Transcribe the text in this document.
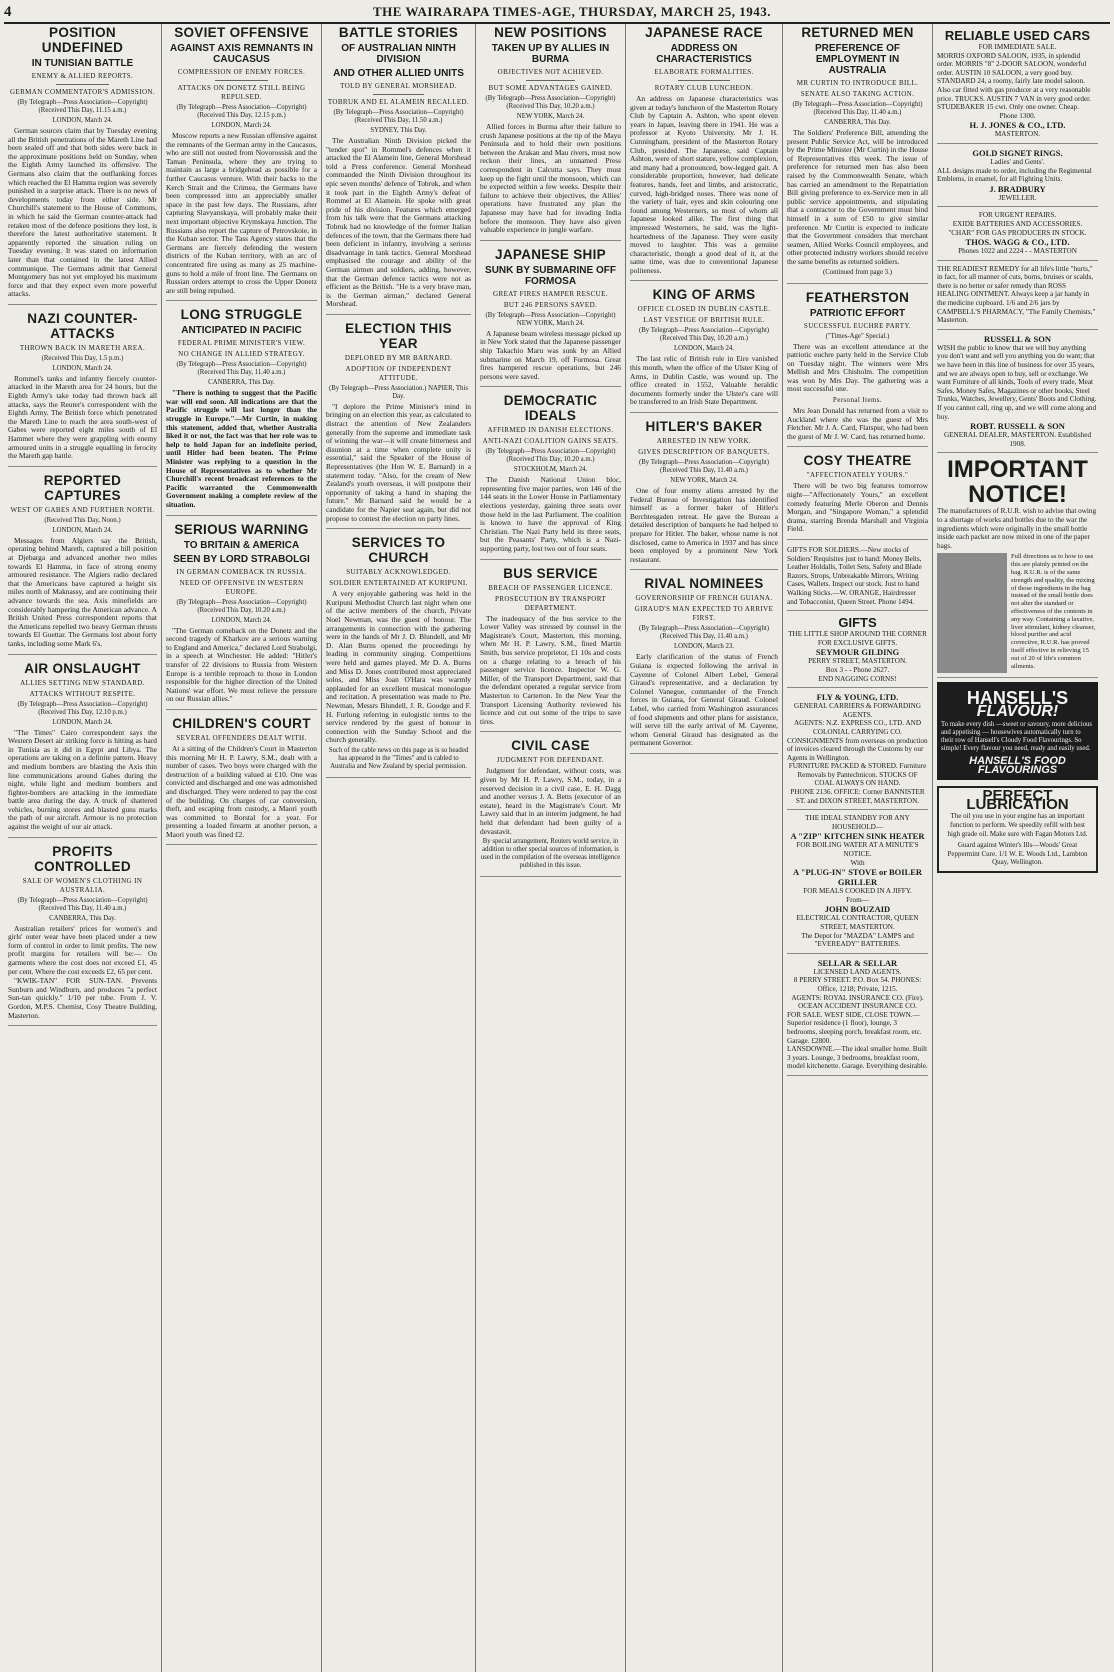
4	THE WAIRARAPA TIMES-AGE, THURSDAY, MARCH 25, 1943.
POSITION UNDEFINED
IN TUNISIAN BATTLE
ENEMY & ALLIED REPORTS.
GERMAN COMMENTATOR'S ADMISSION.
(By Telegraph—Press Association—Copyright) (Received This Day, 11.15 a.m.)
LONDON, March 24.

German sources claim that by Tuesday evening all the British penetrations of the Mareth Line had been sealed off and that both sides were back in the approximate positions held on Sunday, when the Eighth Army launched its offensive. The Germans also claim that the outflanking forces which reached the El Hamma region was severely punished in a surprise attack. There is no news of developments today from either side. Mr Churchill's statement to the House of Commons, in which he said the German counter-attack had retaken most of the defence positions they lost, is therefore the latest authoritative statement. It apparently reported the situation ruling on Tuesday evening. It was stated on information later than that contained in the latest Allied communique. The Germans admit that General Montgomery has not yet employed his maximum force and that they expect even more powerful attacks.

NAZI COUNTER-ATTACKS
THROWN BACK IN MARETH AREA.
(Received This Day, 1.5 p.m.)
LONDON, March 24.

Rommel's tanks and infantry fiercely counter-attacked in the Mareth area for 24 hours, but the Eighth Army's take today had thrown back all attacks, says the Reuter's correspondent with the Eighth Army. The British force which penetrated the Mareth Line to reach the area south-west of Gabes were reported eight miles south of El Hammet where they were grappling with enemy armoured units in a struggle equalling in ferocity the Mareth gap battle.

REPORTED CAPTURES
WEST OF GABES AND FURTHER NORTH.
(Received This Day, Noon.)
LONDON, March 24.

Messages from Algiers say the British, operating behind Mareth, captured a hill position at Djebarga and advanced another two miles towards El Hamma, in face of strong enemy armoured resistance. The Algiers radio declared that the Americans have captured a height six miles north of Maknassy, and are continuing their advance towards the sea. Axis minefields are considerably hampering the American advance. A British United Press correspondent reports that the Americans repelled two heavy German thrusts towards El Guettar. The Germans lost about forty tanks, including some Mark 6's.

AIR ONSLAUGHT
ALLIES SETTING NEW STANDARD.
ATTACKS WITHOUT RESPITE.
(By Telegraph—Press Association—Copyright) (Received This Day, 12.10 p.m.)
LONDON, March 24.

"The Times" Cairo correspondent says the Western Desert air striking force is hitting as hard in Tunisia as it did in Egypt and Libya. The operations are taking on a definite pattern. Heavy and medium bombers are blasting the Axis thin line communications around Gabes during the night, while light and medium bombers and fighter-bombers are attacking in the immediate battle area during the day. A truck of shattered vehicles, burning stores and blasted guns marks the path of our aircraft. Armour is no protection against the weight of our air attack.

PROFITS CONTROLLED
SALE OF WOMEN'S CLOTHING IN AUSTRALIA.
(By Telegraph—Press Association—Copyright) (Received This Day, 11.40 a.m.)
CANBERRA, This Day.

Australian retailers' prices for women's and girls' outer wear have been placed under a new form of control in order to limit profits. The new profit margins for retailers will be:— On garments where the cost does not exceed £1, 45 per cent. Where the cost exceeds £2, 65 per cent.

"KWIK-TAN" FOR SUN-TAN. Prevents Sunburn and Windburn, and produces "a perfect Sun-tan quickly." 1/10 per tube. From J. V. Gordon, M.P.S. Chemist, Cosy Theatre Building, Masterton.

SOVIET OFFENSIVE
AGAINST AXIS REMNANTS IN CAUCASUS
COMPRESSION OF ENEMY FORCES.
ATTACKS ON DONETZ STILL BEING REPULSED.
(By Telegraph—Press Association—Copyright) (Received This Day, 12.15 p.m.)
LONDON, March 24.

Moscow reports a new Russian offensive against the remnants of the German army in the Caucasus, who are still not ousted from Novorossisk and the Taman Peninsula, where they are trying to maintain as large a bridgehead as possible for a further Caucasus venture. With their backs to the Kerch Strait and the Crimea, the Germans have been compressed into an appreciably smaller space in the past few days. The Russians, after capturing Slavyanskaya, will probably make their next important objective Krymskaya Junction. The Russians also report the capture of Petrovskoie, in the Kuban sector. The Tass Agency states that the Germans are fiercely defending the western districts of the Kuban territory, with an arc of concentrated fire using as many as 25 machine-guns to hold a mile of front line. The Germans on Russian orders attempt to cross the Upper Donetz are still being repulsed.

LONG STRUGGLE
ANTICIPATED IN PACIFIC
FEDERAL PRIME MINISTER'S VIEW.
NO CHANGE IN ALLIED STRATEGY.
(By Telegraph—Press Association—Copyright) (Received This Day, 11.40 a.m.)
CANBERRA, This Day.

"There is nothing to suggest that the Pacific war will end soon. All indications are that the Pacific struggle will last longer than the struggle in Europe."—Mr Curtin, in making this statement, added that, whether Australia liked it or not, the fact was that her role was to help to hold Japan for an indefinite period, until Hitler had been beaten. The Prime Minister was replying to a question in the House of Representatives as to whether Mr Churchill's recent broadcast references to the Pacific warranted the Commonwealth Government making a complete review of the situation.

SERIOUS WARNING
TO BRITAIN & AMERICA
SEEN BY LORD STRABOLGI
IN GERMAN COMEBACK IN RUSSIA.
NEED OF OFFENSIVE IN WESTERN EUROPE.
(By Telegraph—Press Association—Copyright) (Received This Day, 10.20 a.m.)
LONDON, March 24.

"The German comeback on the Donetz and the second tragedy of Kharkov are a serious warning to England and America," declared Lord Strabolgi, in a speech at Winchester. He added: "Hitler's transfer of 22 divisions to Russia from Western Europe is a terrible reproach to those in London responsible for the higher direction of the United Nations' war effort. We must relieve the pressure on our Russian allies."

CHILDREN'S COURT
SEVERAL OFFENDERS DEALT WITH.

At a sitting of the Children's Court in Masterton this morning Mr H. P. Lawry, S.M., dealt with a number of cases. Two boys were charged with the destruction of a building valued at £10. One was convicted and discharged and one was admonished and discharged. They were ordered to pay the cost of the building. On charges of car conversion, theft, and escaping from custody, a Maori youth was committed to Borstal for a year. For presenting a loaded firearm at another person, a Maori youth was fined £2.

BATTLE STORIES
OF AUSTRALIAN NINTH DIVISION
AND OTHER ALLIED UNITS
TOLD BY GENERAL MORSHEAD.
TOBRUK AND EL ALAMEIN RECALLED.
(By Telegraph—Press Association—Copyright) (Received This Day, 11.50 a.m.)
SYDNEY, This Day.

The Australian Ninth Division picked the "tender spot" in Rommel's defences when it attacked the El Alamein line, General Morshead told a Press conference. General Morshead commanded the Ninth Division throughout its epic seven months' defence of Tobruk, and when it took part in the Eighth Army's defeat of Rommel at El Alamein. He spoke with great pride of his division. Features which emerged from his talk were that the Germans attacking Tobruk had no knowledge of the former Italian defences of the town, that the Germans there had been deficient in infantry, involving a serious disadvantage in tank tactics. General Morshead emphasised the courage and ability of the German airmen and soldiers, adding, however, that the German defence tactics were not as efficient as the British. "He is a very brave man, is the German airman," declared General Morshead.

ELECTION THIS YEAR
DEPLORED BY MR BARNARD.
ADOPTION OF INDEPENDENT ATTITUDE.
(By Telegraph—Press Association.) NAPIER, This Day.

"I deplore the Prime Minister's mind in bringing on an election this year, as calculated to distract the attention of New Zealanders generally from the supreme and immediate task of winning the war—it will create bitterness and disunion at a time when complete unity is essential," said the Speaker of the House of Representatives (the Hon W. E. Barnard) in a statement today. "Also, for the cream of New Zealand's youth overseas, it will postpone their opportunity of taking a hand in shaping the future." Mr Barnard said he would be a candidate for the Napier seat again, but did not propose to contest the election on party lines.

SERVICES TO CHURCH
SUITABLY ACKNOWLEDGED.
SOLDIER ENTERTAINED AT KURIPUNI.

A very enjoyable gathering was held in the Kuripuni Methodist Church last night when one of the active members of the church, Private Noel Newman, was the guest of honour. The arrangements in connection with the gathering were in the hands of Mr J. D. Blundell, and Mr D. Alan Burns opened the proceedings by leading in community singing. Competitions were held and games played. Mr D. A. Burns and Miss D. Jones contributed most appreciated solos, and Miss Joan O'Hara was warmly applauded for an excellent musical monologue and recitation. A presentation was made to Pte. Newman, Messrs Blundell, J. R. Goodge and F. H. Furlong referring in eulogistic terms to the service rendered by the guest of honour in connection with the Sunday School and the church generally.

Such of the cable news on this page as is so headed has appeared in the "Times" and is cabled to Australia and New Zealand by special permission.
NEW POSITIONS
TAKEN UP BY ALLIES IN BURMA
OBJECTIVES NOT ACHIEVED.
BUT SOME ADVANTAGES GAINED.
(By Telegraph—Press Association—Copyright) (Received This Day, 10.20 a.m.)
NEW YORK, March 24.

Allied forces in Burma after their failure to crush Japanese positions at the tip of the Mayu Peninsula and to hold their own positions between the Arakan and Mau rivers, must now reckon their lines, an unnamed Press correspondent in Calcutta says. They must keep up the fight until the monsoon, which can be expected within a few weeks. Despite their failure to achieve their objectives, the Allies' operations have frustrated any plan the Japanese may have had for invading India before the monsoon. They have also given valuable experience in jungle warfare.

JAPANESE SHIP
SUNK BY SUBMARINE OFF FORMOSA
GREAT FIRES HAMPER RESCUE.
BUT 246 PERSONS SAVED.
(By Telegraph—Press Association—Copyright) NEW YORK, March 24.

A Japanese beam wireless message picked up in New York stated that the Japanese passenger ship Takachio Maru was sunk by an Allied submarine on March 19, off Formosa. Great fires hampered rescue operations, but 246 persons were saved.

DEMOCRATIC IDEALS
AFFIRMED IN DANISH ELECTIONS.
ANTI-NAZI COALITION GAINS SEATS.
(By Telegraph—Press Association—Copyright) (Received This Day, 10.20 a.m.)
STOCKHOLM, March 24.

The Danish National Union bloc, representing five major parties, won 146 of the 144 seats in the Lower House in Parliamentary elections yesterday, gaining three seats over those held in the last Parliament. The coalition is known to have the approval of King Christian. The Nazi Party held its three seats, but the Peasants' Party, which is a Nazi-supporting party, lost two out of four seats.

BUS SERVICE
BREACH OF PASSENGER LICENCE.
PROSECUTION BY TRANSPORT DEPARTMENT.

The inadequacy of the bus service to the Lower Valley was stressed by counsel in the Magistrate's Court, Masterton, this morning, when Mr H. P. Lawry, S.M., fined Martin Smith, bus service proprietor, £1 10s and costs on a charge relating to a breach of his passenger service licence. Inspector W. G. Miller, of the Transport Department, said that the defendant operated a regular service from Masterton to Carterton. In the New Year the Transport Licensing Authority reviewed his licence and cut out some of the trips to save tires.

CIVIL CASE
JUDGMENT FOR DEFENDANT.

Judgment for defendant, without costs, was given by Mr H. P. Lawry, S.M., today, in a reserved decision in a civil case, E. H. Dagg and another versus J. A. Betts (executor of an estate), heard in the Magistrate's Court. Mr Lawry said that in an interim judgment, he had held that defendant had been guilty of a devastavit.

By special arrangement, Reuters world service, in addition to other special sources of information, is used in the compilation of the overseas intelligence published in this issue.
JAPANESE RACE
ADDRESS ON CHARACTERISTICS
ELABORATE FORMALITIES.
ROTARY CLUB LUNCHEON.

An address on Japanese characteristics was given at today's luncheon of the Masterton Rotary Club by Captain A. Ashton, who spent eleven years in Japan, leaving there in 1941. He was a professor at Kyoto University. Mr J. H. Cunningham, president of the Masterton Rotary Club, presided. The Japanese, said Captain Ashton, were of short stature, yellow complexion, and many had a pronounced, bow-legged gait. A considerable proportion, however, had delicate features, hands, feet and limbs, and aristocratic, curved, high-bridged noses. There was none of the variety of hair, eyes and skin colouring one found among Westerners, so most of whom all Japanese looked alike. The first thing that impressed Westerners, he said, was the light-heartedness of the Japanese. They were easily moved to laughter. This was a genuine characteristic, though a good deal of it, at the same time, was due to conventional Japanese politeness.

KING OF ARMS
OFFICE CLOSED IN DUBLIN CASTLE.
LAST VESTIGE OF BRITISH RULE.
(By Telegraph—Press Association—Copyright) (Received This Day, 10.20 a.m.)
LONDON, March 24.

The last relic of British rule in Eire vanished this month, when the office of the Ulster King of Arms, in Dublin Castle, was wound up. The office created in 1552, Valuable heraldic documents formerly under the Ulster's care will be transferred to an Irish State Department.

HITLER'S BAKER
ARRESTED IN NEW YORK.
GIVES DESCRIPTION OF BANQUETS.
(By Telegraph—Press Association—Copyright) (Received This Day, 11.40 a.m.)
NEW YORK, March 24.

One of four enemy aliens arrested by the Federal Bureau of Investigation has identified himself as a former baker of Hitler's Berchtesgaden retreat. He gave the Bureau a detailed description of banquets he had helped to prepare for Hitler. The baker, whose name is not disclosed, came to America in 1937 and has since been employed by a prominent New York restaurant.

RIVAL NOMINEES
GOVERNORSHIP OF FRENCH GUIANA.
GIRAUD'S MAN EXPECTED TO ARRIVE FIRST.
(By Telegraph—Press Association—Copyright) (Received This Day, 11.40 a.m.)
LONDON, March 23.

Early clarification of the status of French Guiana is expected following the arrival in Cayenne of Colonel Albert Lebel, General Giraud's representative, and a declaration by Colonel Vanegue, commander of the French forces in Guiana, for General Giraud. Colonel Lebel, who carried from Washington assurances of food shipments and other plans for assistance, will serve till the early arrival of M. Cayenne, whom General Giraud has designated as the permanent Governor.

RETURNED MEN
PREFERENCE OF EMPLOYMENT IN AUSTRALIA
MR CURTIN TO INTRODUCE BILL.
SENATE ALSO TAKING ACTION.
(By Telegraph—Press Association—Copyright) (Received This Day, 11.40 a.m.)
CANBERRA, This Day.

The Soldiers' Preference Bill, amending the present Public Service Act, will be introduced by the Prime Minister (Mr Curtin) in the House of Representatives this week. The issue of preference for returned men has also been raised by the Commonwealth Senate, which has carried an amendment to the Repatriation Bill giving preference to ex-Service men in all public service appointments, and stipulating that a contractor to the Government must bind himself in a sum of £50 to give similar preference. Mr Curtin is expected to indicate that the Government considers that merchant seamen, Allied Works Council employees, and other protected industry workers should receive the same benefits as returned soldiers.

(Continued from page 3.)
FEATHERSTON
PATRIOTIC EFFORT
SUCCESSFUL EUCHRE PARTY.
("Times-Age" Special.)

There was an excellent attendance at the patriotic euchre party held in the Service Club on Tuesday night. The winners were Mrs Mellish and Mrs Chisholm. The competition was won by Mrs Day. The gathering was a most successful one.

Personal Items.

Mrs Jean Donald has returned from a visit to Auckland where she was the guest of Mrs Fletcher. Mr J. A. Card, Flatspur, who had been the guest of Mr J. W. Card, has returned home.

COSY THEATRE
"AFFECTIONATELY YOURS."

There will be two big features tomorrow night—"Affectionately Yours," an excellent comedy featuring Merle Oberon and Dennis Morgan, and "Singapore Woman," a splendid drama, starring Brenda Marshall and Virginia Field.

GIFTS FOR SOLDIERS.—New stocks of Soldiers' Requisites just to hand: Money Belts, Leather Holdalls, Toilet Sets, Safety and Blade Razors, Strops, Unbreakable Mirrors, Writing Cases, Wallets. Inspect our stock. Just to hand Walking Sticks.—W. ORANGE, Hairdresser and Tobacconist, Queen Street. Phone 1494.
GIFTS
THE LITTLE SHOP AROUND THE CORNER FOR EXCLUSIVE GIFTS.
SEYMOUR GILDING
PERRY STREET, MASTERTON.
Box 3 - - Phone 2627.
END NAGGING CORNS!
FLY & YOUNG, LTD.
GENERAL CARRIERS & FORWARDING AGENTS.
AGENTS: N.Z. EXPRESS CO., LTD. AND COLONIAL CARRYING CO.
CONSIGNMENTS from overseas on production of invoices cleared through the Customs by our Agents in Wellington.
FURNITURE PACKED & STORED. Furniture Removals by Pantechnicon. STOCKS OF COAL ALWAYS ON HAND.
PHONE 2136. OFFICE: Corner BANNISTER ST. and DIXON STREET, MASTERTON.
THE IDEAL STANDBY FOR ANY HOUSEHOLD—
A "ZIP" KITCHEN SINK HEATER
FOR BOILING WATER AT A MINUTE'S NOTICE.
With
A "PLUG-IN" STOVE or BOILER GRILLER
FOR MEALS COOKED IN A JIFFY.
From—
JOHN BOUZAID
ELECTRICAL CONTRACTOR, QUEEN STREET, MASTERTON.
The Depot for "MAZDA" LAMPS and "EVEREADY" BATTERIES.
SELLAR & SELLAR
LICENSED LAND AGENTS.
8 PERRY STREET. P.O. Box 54. PHONES: Office, 1218; Private, 1215.
AGENTS: ROYAL INSURANCE CO. (Fire). OCEAN ACCIDENT INSURANCE CO.
FOR SALE. WEST SIDE, CLOSE TOWN.—Superior residence (1 floor), lounge, 3 bedrooms, sleeping porch, breakfast room, etc. Garage. £2800.
LANSDOWNE.—The ideal smaller home. Built 3 years. Lounge, 3 bedrooms, breakfast room, model kitchenette. Garage. Everything desirable.
RELIABLE USED CARS
FOR IMMEDIATE SALE.
MORRIS OXFORD SALOON, 1935, in splendid order. MORRIS "8" 2-DOOR SALOON, wonderful order. AUSTIN 10 SALOON, a very good buy. STANDARD 24, a roomy, fairly late model saloon. Also car fitted with gas producer at a very reasonable price. TRUCKS. AUSTIN 7 VAN in very good order. STUDEBAKER 15 cwt. Only one owner. Cheap.
Phone 1300.
H. J. JONES & CO., LTD.
MASTERTON.
GOLD SIGNET RINGS.
Ladies' and Gents'.
ALL designs made to order, including the Regimental Emblems, in enamel, for all Fighting Units.
J. BRADBURY
JEWELLER.
FOR URGENT REPAIRS.
EXIDE BATTERIES AND ACCESSORIES.
"CHAR" FOR GAS PRODUCERS IN STOCK.
THOS. WAGG & CO., LTD.
Phones 1022 and 2224 - - MASTERTON
THE READIEST REMEDY for all life's little "hurts," in fact, for all manner of cuts, burns, bruises or scalds, there is no better or safer remedy than ROSS HEALING OINTMENT. Always keep a jar handy in the medicine cupboard. 1/6 and 2/6 jars by CAMPBELL'S PHARMACY, "The Family Chemists," Masterton.
RUSSELL & SON
WISH the public to know that we will buy anything you don't want and sell you anything you do want; that we have been in this line of business for over 35 years, and we are always open to buy, sell or exchange. We want Furniture of all kinds, Tools of every trade, Meat Safes, Money Safes, Magazines or other books, Steel Trunks, Watches, Jewellery, Gents' Boots and Clothing. If you cannot call, ring up, and we will come along and buy.
ROBT. RUSSELL & SON
GENERAL DEALER, MASTERTON. Established 1908.
IMPORTANT NOTICE!
The manufacturers of R.U.R. wish to advise that owing to a shortage of works and bottles due to the war the ingredients which were originally in the small bottle inside each packet are now mixed in one of the paper bags.
Full directions as to how to use this are plainly printed on the bag. R.U.R. is of the same strength and quality, the mixing of those ingredients in the bag instead of the small bottle does not alter the standard or effectiveness of the contents in any way. Containing a laxative, liver stimulant, kidney cleanser, blood purifier and acid corrective, R.U.R. has proved itself effective in relieving 15 out of 20 of life's common ailments.
HANSELL'S
FLAVOUR!
To make every dish —sweet or savoury, more delicious and appetising — housewives automatically turn to their row of Hansell's Cloudy Food Flavourings. So simple! Every flavour you need, ready and easily used.
HANSELL'S FOOD FLAVOURINGS
PERFECT LUBRICATION
The oil you use in your engine has an important function to perform. We speedily refill with best high grade oil. Make sure with Fagan Motors Ltd.
Guard against Winter's Ills—Woods' Great Peppermint Cure. 1/1 W. E. Woods Ltd., Lambton Quay, Wellington.
